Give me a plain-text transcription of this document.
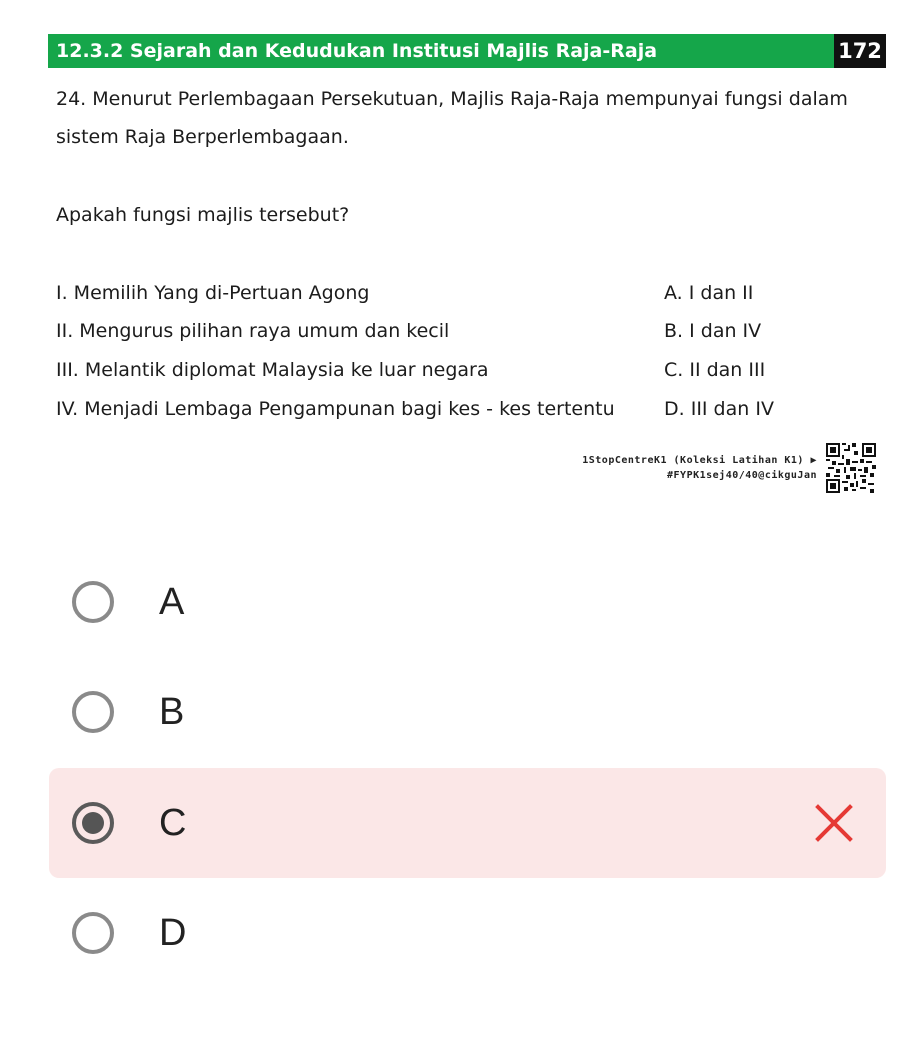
12.3.2 Sejarah dan Kedudukan Institusi Majlis Raja-Raja	172
24. Menurut Perlembagaan Persekutuan, Majlis Raja-Raja mempunyai fungsi dalam
sistem Raja Berperlembagaan.
Apakah fungsi majlis tersebut?
I. Memilih Yang di-Pertuan Agong
II. Mengurus pilihan raya umum dan kecil
III. Melantik diplomat Malaysia ke luar negara
IV. Menjadi Lembaga Pengampunan bagi kes - kes tertentu
A. I dan II
B. I dan IV
C. II dan III
D. III dan IV
1StopCentreK1 (Koleksi Latihan K1) ▶
#FYPK1sej40/40@cikguJan
A
B
C
D
